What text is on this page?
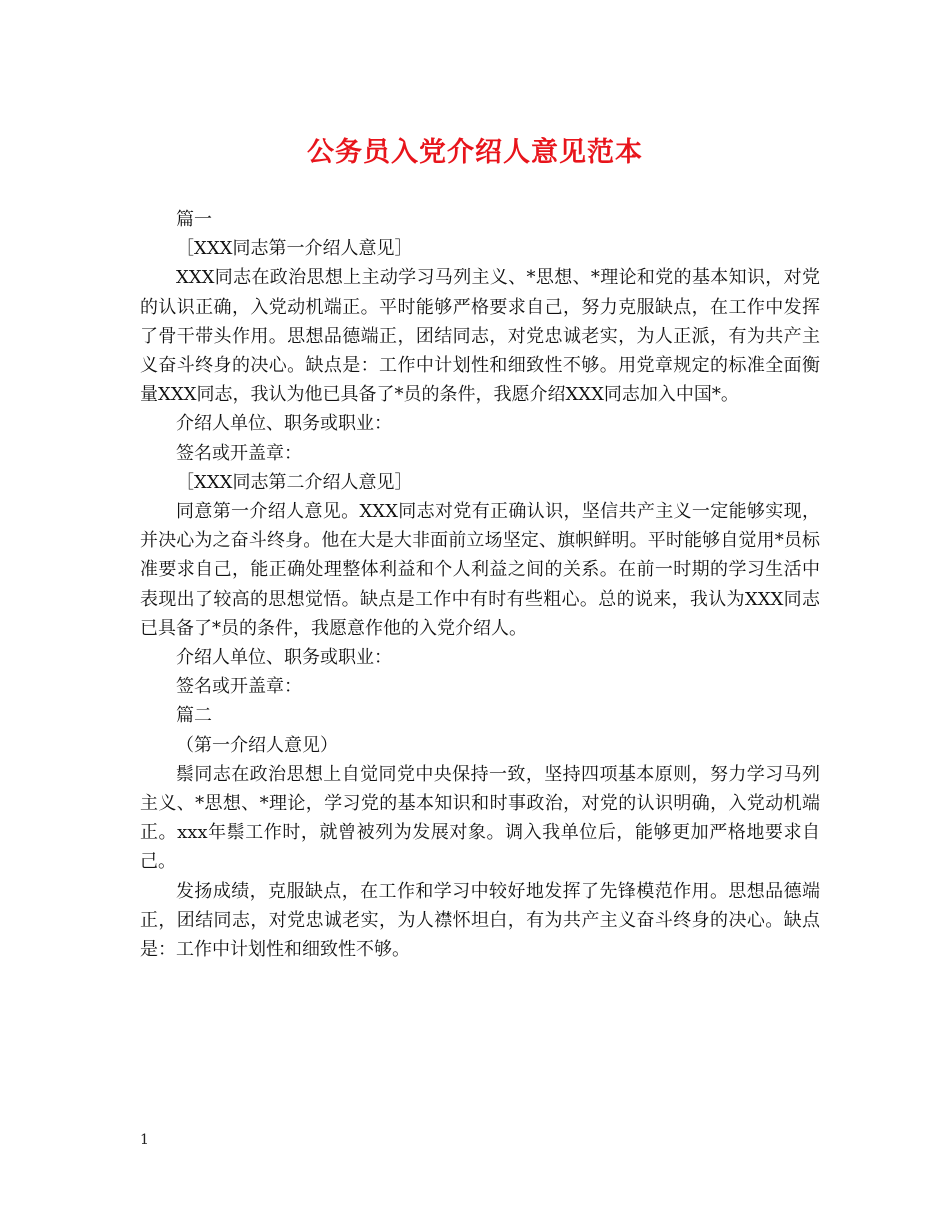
公务员入党介绍人意见范本

篇一

［XXX同志第一介绍人意见］

XXX同志在政治思想上主动学习马列主义、*思想、*理论和党的基本知识，对党的认识正确，入党动机端正。平时能够严格要求自己，努力克服缺点，在工作中发挥了骨干带头作用。思想品德端正，团结同志，对党忠诚老实，为人正派，有为共产主义奋斗终身的决心。缺点是：工作中计划性和细致性不够。用党章规定的标准全面衡量XXX同志，我认为他已具备了*员的条件，我愿介绍XXX同志加入中国*。

介绍人单位、职务或职业：

签名或开盖章：

［XXX同志第二介绍人意见］

同意第一介绍人意见。XXX同志对党有正确认识，坚信共产主义一定能够实现，并决心为之奋斗终身。他在大是大非面前立场坚定、旗帜鲜明。平时能够自觉用*员标准要求自己，能正确处理整体利益和个人利益之间的关系。在前一时期的学习生活中表现出了较高的思想觉悟。缺点是工作中有时有些粗心。总的说来，我认为XXX同志已具备了*员的条件，我愿意作他的入党介绍人。

介绍人单位、职务或职业：

签名或开盖章：

篇二

（第一介绍人意见）

鬃同志在政治思想上自觉同党中央保持一致，坚持四项基本原则，努力学习马列主义、*思想、*理论，学习党的基本知识和时事政治，对党的认识明确，入党动机端正。xxx年鬃工作时，就曾被列为发展对象。调入我单位后，能够更加严格地要求自己。

发扬成绩，克服缺点，在工作和学习中较好地发挥了先锋模范作用。思想品德端正，团结同志，对党忠诚老实，为人襟怀坦白，有为共产主义奋斗终身的决心。缺点是：工作中计划性和细致性不够。

1
